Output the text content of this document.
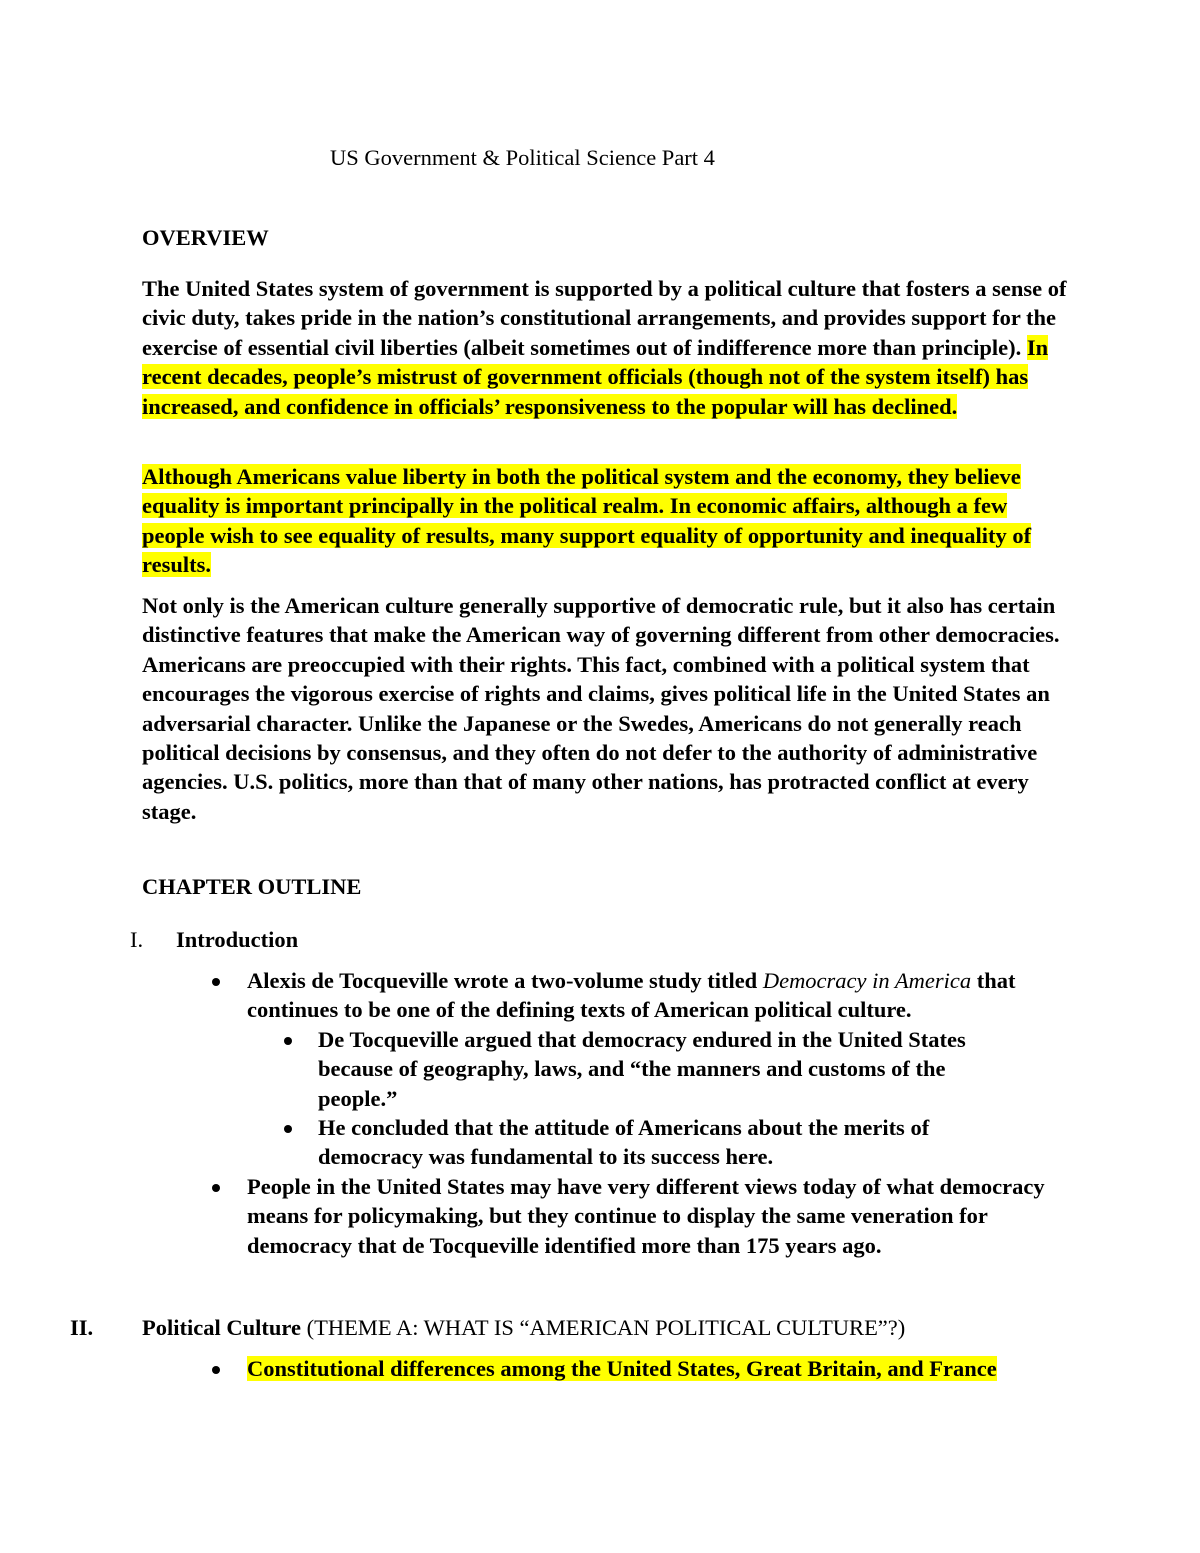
US Government & Political Science Part 4
OVERVIEW

The United States system of government is supported by a political culture that fosters a sense of civic duty, takes pride in the nation’s constitutional arrangements, and provides support for the exercise of essential civil liberties (albeit sometimes out of indifference more than principle). In recent decades, people’s mistrust of government officials (though not of the system itself) has increased, and confidence in officials’ responsiveness to the popular will has declined.

Although Americans value liberty in both the political system and the economy, they believe equality is important principally in the political realm. In economic affairs, although a few people wish to see equality of results, many support equality of opportunity and inequality of results.

Not only is the American culture generally supportive of democratic rule, but it also has certain distinctive features that make the American way of governing different from other democracies. Americans are preoccupied with their rights. This fact, combined with a political system that encourages the vigorous exercise of rights and claims, gives political life in the United States an adversarial character. Unlike the Japanese or the Swedes, Americans do not generally reach political decisions by consensus, and they often do not defer to the authority of administrative agencies. U.S. politics, more than that of many other nations, has protracted conflict at every stage.

CHAPTER OUTLINE
I. Introduction

Alexis de Tocqueville wrote a two-volume study titled Democracy in America that continues to be one of the defining texts of American political culture.

De Tocqueville argued that democracy endured in the United States because of geography, laws, and “the manners and customs of the people.”

He concluded that the attitude of Americans about the merits of democracy was fundamental to its success here.

People in the United States may have very different views today of what democracy means for policymaking, but they continue to display the same veneration for democracy that de Tocqueville identified more than 175 years ago.

II. Political Culture (THEME A: WHAT IS “AMERICAN POLITICAL CULTURE”?)

Constitutional differences among the United States, Great Britain, and France
